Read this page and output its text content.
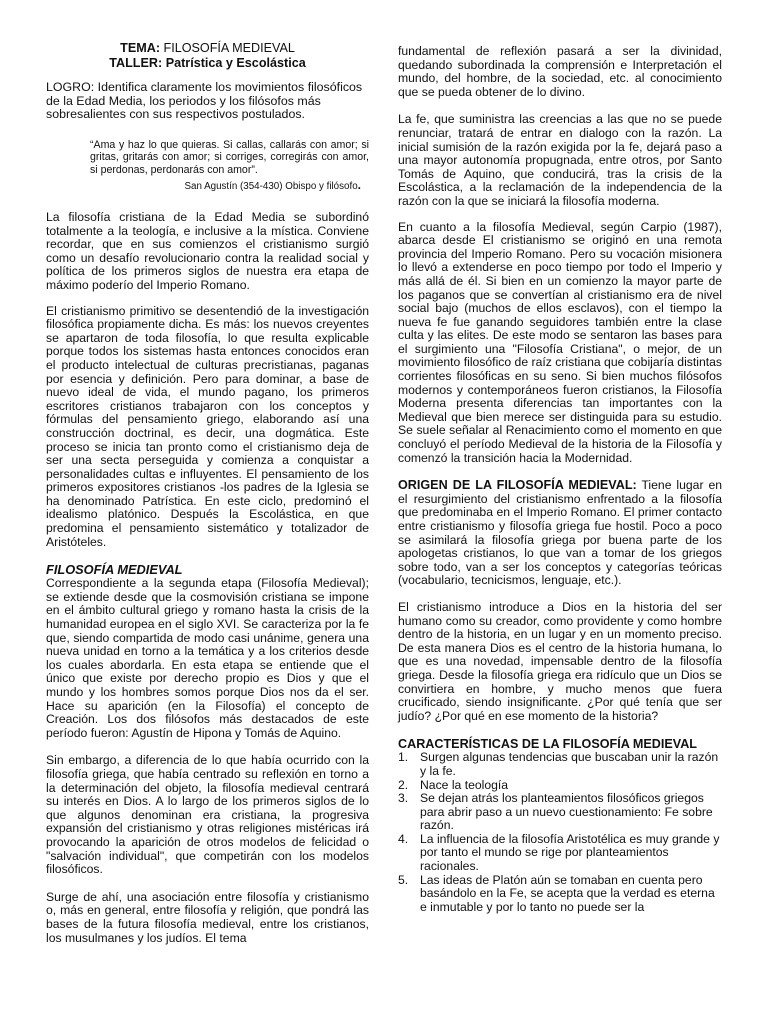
TEMA: FILOSOFÍA MEDIEVAL
TALLER: Patrística y Escolástica

LOGRO: Identifica claramente los movimientos filosóficos de la Edad Media, los periodos y los filósofos más sobresalientes con sus respectivos postulados.

“Ama y haz lo que quieras. Si callas, callarás con amor; si gritas, gritarás con amor; si corriges, corregirás con amor, si perdonas, perdonarás con amor”.

San Agustín (354-430) Obispo y filósofo.

La filosofía cristiana de la Edad Media se subordinó totalmente a la teología, e inclusive a la mística. Conviene recordar, que en sus comienzos el cristianismo surgió como un desafío revolucionario contra la realidad social y política de los primeros siglos de nuestra era etapa de máximo poderío del Imperio Romano.

El cristianismo primitivo se desentendió de la investigación filosófica propiamente dicha. Es más: los nuevos creyentes se apartaron de toda filosofía, lo que resulta explicable porque todos los sistemas hasta entonces conocidos eran el producto intelectual de culturas precristianas, paganas por esencia y definición. Pero para dominar, a base de nuevo ideal de vida, el mundo pagano, los primeros escritores cristianos trabajaron con los conceptos y fórmulas del pensamiento griego, elaborando así una construcción doctrinal, es decir, una dogmática. Este proceso se inicia tan pronto como el cristianismo deja de ser una secta perseguida y comienza a conquistar a personalidades cultas e influyentes. El pensamiento de los primeros expositores cristianos -los padres de la Iglesia se ha denominado Patrística. En este ciclo, predominó el idealismo platónico. Después la Escolástica, en que predomina el pensamiento sistemático y totalizador de Aristóteles.

FILOSOFÍA MEDIEVAL

Correspondiente a la segunda etapa (Filosofía Medieval); se extiende desde que la cosmovisión cristiana se impone en el ámbito cultural griego y romano hasta la crisis de la humanidad europea en el siglo XVI. Se caracteriza por la fe que, siendo compartida de modo casi unánime, genera una nueva unidad en torno a la temática y a los criterios desde los cuales abordarla. En esta etapa se entiende que el único que existe por derecho propio es Dios y que el mundo y los hombres somos porque Dios nos da el ser. Hace su aparición (en la Filosofía) el concepto de Creación. Los dos filósofos más destacados de este período fueron: Agustín de Hipona y Tomás de Aquino.

Sin embargo, a diferencia de lo que había ocurrido con la filosofía griega, que había centrado su reflexión en torno a la determinación del objeto, la filosofía medieval centrará su interés en Dios. A lo largo de los primeros siglos de lo que algunos denominan era cristiana, la progresiva expansión del cristianismo y otras religiones mistéricas irá provocando la aparición de otros modelos de felicidad o "salvación individual", que competirán con los modelos filosóficos.

Surge de ahí, una asociación entre filosofía y cristianismo o, más en general, entre filosofía y religión, que pondrá las bases de la futura filosofía medieval, entre los cristianos, los musulmanes y los judíos. El tema

fundamental de reflexión pasará a ser la divinidad, quedando subordinada la comprensión e Interpretación el mundo, del hombre, de la sociedad, etc. al conocimiento que se pueda obtener de lo divino.

La fe, que suministra las creencias a las que no se puede renunciar, tratará de entrar en dialogo con la razón. La inicial sumisión de la razón exigida por la fe, dejará paso a una mayor autonomía propugnada, entre otros, por Santo Tomás de Aquino, que conducirá, tras la crisis de la Escolástica, a la reclamación de la independencia de la razón con la que se iniciará la filosofía moderna.

En cuanto a la filosofía Medieval, según Carpio (1987), abarca desde El cristianismo se originó en una remota provincia del Imperio Romano. Pero su vocación misionera lo llevó a extenderse en poco tiempo por todo el Imperio y más allá de él. Si bien en un comienzo la mayor parte de los paganos que se convertían al cristianismo era de nivel social bajo (muchos de ellos esclavos), con el tiempo la nueva fe fue ganando seguidores también entre la clase culta y las elites. De este modo se sentaron las bases para el surgimiento una "Filosofía Cristiana", o mejor, de un movimiento filosófico de raíz cristiana que cobijaría distintas corrientes filosóficas en su seno. Si bien muchos filósofos modernos y contemporáneos fueron cristianos, la Filosofía Moderna presenta diferencias tan importantes con la Medieval que bien merece ser distinguida para su estudio. Se suele señalar al Renacimiento como el momento en que concluyó el período Medieval de la historia de la Filosofía y comenzó la transición hacia la Modernidad.

ORIGEN DE LA FILOSOFÍA MEDIEVAL: Tiene lugar en el resurgimiento del cristianismo enfrentado a la filosofía que predominaba en el Imperio Romano. El primer contacto entre cristianismo y filosofía griega fue hostil. Poco a poco se asimilará la filosofía griega por buena parte de los apologetas cristianos, lo que van a tomar de los griegos sobre todo, van a ser los conceptos y categorías teóricas (vocabulario, tecnicismos, lenguaje, etc.).

El cristianismo introduce a Dios en la historia del ser humano como su creador, como providente y como hombre dentro de la historia, en un lugar y en un momento preciso. De esta manera Dios es el centro de la historia humana, lo que es una novedad, impensable dentro de la filosofía griega. Desde la filosofía griega era ridículo que un Dios se convirtiera en hombre, y mucho menos que fuera crucificado, siendo insignificante. ¿Por qué tenía que ser judío? ¿Por qué en ese momento de la historia?

CARACTERÍSTICAS DE LA FILOSOFÍA MEDIEVAL
1. Surgen algunas tendencias que buscaban unir la razón y la fe.
2. Nace la teología
3. Se dejan atrás los planteamientos filosóficos griegos para abrir paso a un nuevo cuestionamiento: Fe sobre razón.
4. La influencia de la filosofía Aristotélica es muy grande y por tanto el mundo se rige por planteamientos racionales.
5. Las ideas de Platón aún se tomaban en cuenta pero basándolo en la Fe, se acepta que la verdad es eterna e inmutable y por lo tanto no puede ser la
